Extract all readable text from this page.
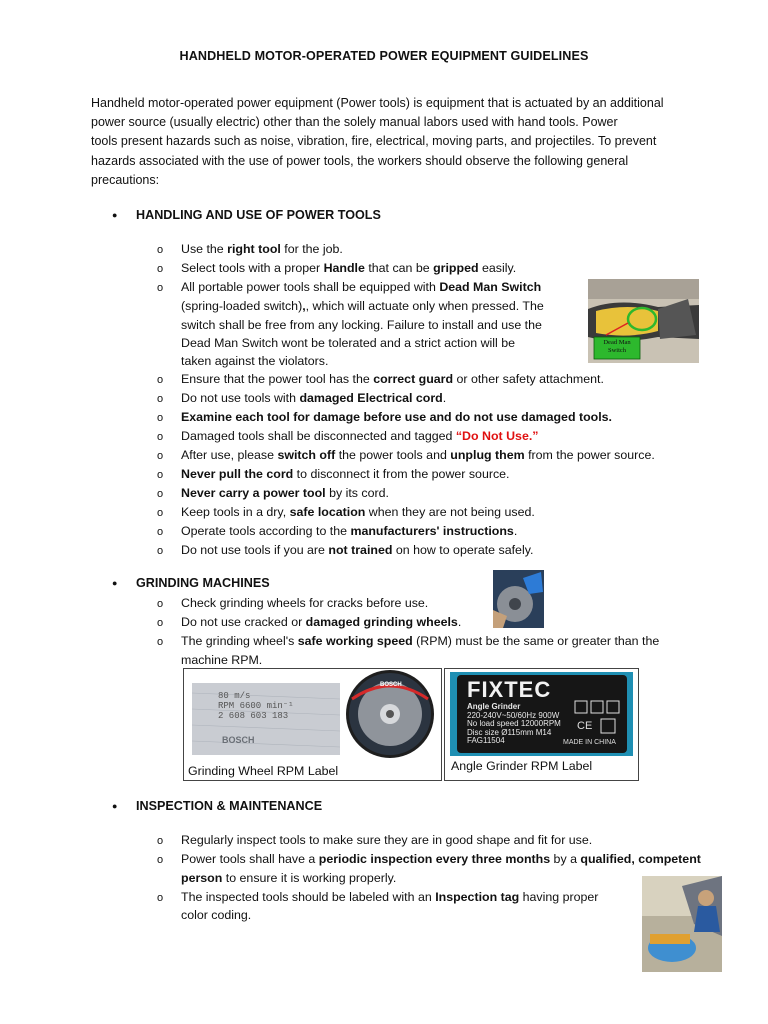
HANDHELD MOTOR-OPERATED POWER EQUIPMENT GUIDELINES
Handheld motor-operated power equipment (Power tools) is equipment that is actuated by an additional
power source (usually electric) other than the solely manual labors used with hand tools. Power
tools present hazards such as noise, vibration, fire, electrical, moving parts, and projectiles. To prevent
hazards associated with the use of power tools, the workers should observe the following general
precautions:
● HANDLING AND USE OF POWER TOOLS
o Use the right tool for the job.
o Select tools with a proper Handle that can be gripped easily.
o All portable power tools shall be equipped with Dead Man Switch
(spring-loaded switch),, which will actuate only when pressed. The
switch shall be free from any locking. Failure to install and use the
Dead Man Switch wont be tolerated and a strict action will be
taken against the violators.
Dead Man
Switch
o Ensure that the power tool has the correct guard or other safety attachment.
o Do not use tools with damaged Electrical cord.
o Examine each tool for damage before use and do not use damaged tools.
o Damaged tools shall be disconnected and tagged “Do Not Use.”
o After use, please switch off the power tools and unplug them from the power source.
o Never pull the cord to disconnect it from the power source.
o Never carry a power tool by its cord.
o Keep tools in a dry, safe location when they are not being used.
o Operate tools according to the manufacturers' instructions.
o Do not use tools if you are not trained on how to operate safely.
● GRINDING MACHINES
o Check grinding wheels for cracks before use.
o Do not use cracked or damaged grinding wheels.
o The grinding wheel's safe working speed (RPM) must be the same or greater than the
machine RPM.
80 m/s
RPM 6600 min⁻¹
2 608 603 183
BOSCH
BOSCH
Grinding Wheel RPM Label
FIXTEC
Angle Grinder
220-240V~50/60Hz 900W
No load speed 12000RPM
Disc size Ø115mm M14
FAG11504	MADE IN CHINA
CE
Angle Grinder RPM Label
● INSPECTION & MAINTENANCE
o Regularly inspect tools to make sure they are in good shape and fit for use.
o Power tools shall have a periodic inspection every three months by a qualified, competent
person to ensure it is working properly.
o The inspected tools should be labeled with an Inspection tag having proper
color coding.
